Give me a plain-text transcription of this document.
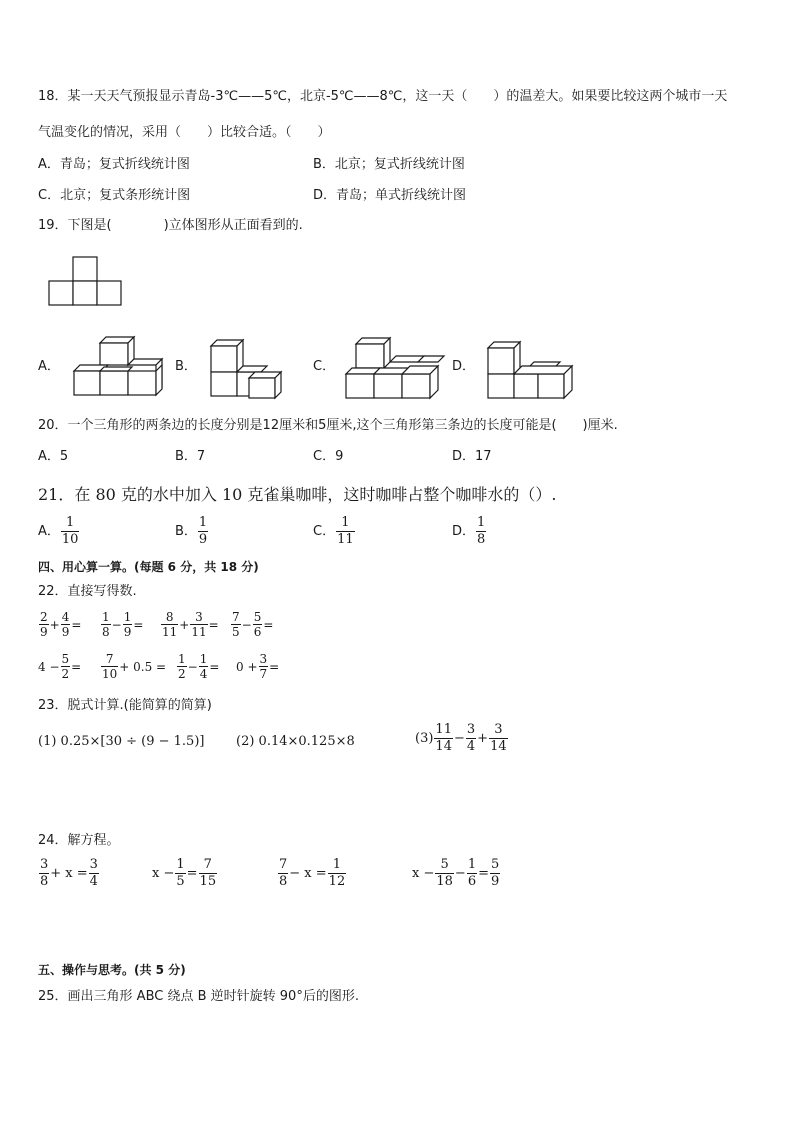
18．某一天天气预报显示青岛-3℃——5℃，北京-5℃——8℃，这一天（　　）的温差大。如果要比较这两个城市一天
气温变化的情况，采用（　　）比较合适。（　　）
A．青岛；复式折线统计图	B．北京；复式折线统计图
C．北京；复式条形统计图	D．青岛；单式折线统计图
19．下图是(　　　　)立体图形从正面看到的.
A．	B．	C．	D．
20．一个三角形的两条边的长度分别是12厘米和5厘米,这个三角形第三条边的长度可能是(　　)厘米.
A．5	B．7	C．9	D．17
21．在 80 克的水中加入 10 克雀巢咖啡，这时咖啡占整个咖啡水的（）.
A． $\frac{1}{10}$	B． $\frac{1}{9}$	C． $\frac{1}{11}$	D． $\frac{1}{8}$
四、用心算一算。(每题 6 分，共 18 分)
22．直接写得数.
$\frac{2}{9} + \frac{4}{9} = \frac{1}{8} - \frac{1}{9} = \frac{8}{11} + \frac{3}{11} = \frac{7}{5} - \frac{5}{6}$ =
$4 - \frac{5}{2} = \frac{7}{10} + 0.5 = \frac{1}{2} - \frac{1}{4} = 0 + \frac{3}{7}$ =
23．脱式计算.(能简算的简算)
(1) 0.25×[30 ÷ (9 − 1.5)] (2) 0.14×0.125×8	$(3) \frac{11}{14} - \frac{3}{4} + \frac{3}{14}$
24．解方程。
$\frac{3}{8} + x = \frac{3}{4}$	$x - \frac{1}{5} = \frac{7}{15}$	$\frac{7}{8} - x = \frac{1}{12}$	$x - \frac{5}{18} - \frac{1}{6} = \frac{5}{9}$
五、操作与思考。(共 5 分)
25．画出三角形 ABC 绕点 B 逆时针旋转 90°后的图形.
